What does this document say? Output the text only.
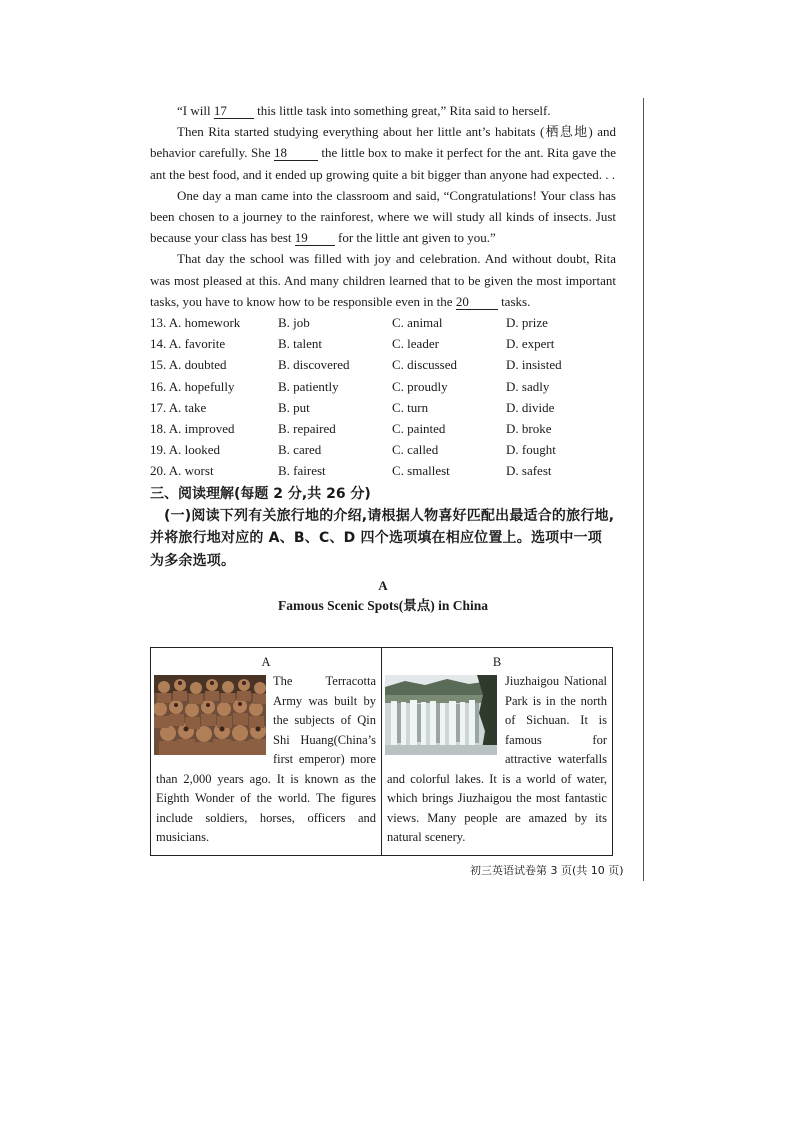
“I will 17 this little task into something great,” Rita said to herself.
Then Rita started studying everything about her little ant’s habitats (栖息地) and behavior carefully. She 18 the little box to make it perfect for the ant. Rita gave the ant the best food, and it ended up growing quite a bit bigger than anyone had expected. . .
One day a man came into the classroom and said, “Congratulations! Your class has been chosen to a journey to the rainforest, where we will study all kinds of insects. Just because your class has best 19 for the little ant given to you.”
That day the school was filled with joy and celebration. And without doubt, Rita was most pleased at this. And many children learned that to be given the most important tasks, you have to know how to be responsible even in the 20 tasks.
13. A. homework	B. job	C. animal	D. prize
14. A. favorite	B. talent	C. leader	D. expert
15. A. doubted	B. discovered	C. discussed	D. insisted
16. A. hopefully	B. patiently	C. proudly	D. sadly
17. A. take	B. put	C. turn	D. divide
18. A. improved	B. repaired	C. painted	D. broke
19. A. looked	B. cared	C. called	D. fought
20. A. worst	B. fairest	C. smallest	D. safest
三、阅读理解(每题 2 分,共 26 分)
(一)阅读下列有关旅行地的介绍,请根据人物喜好匹配出最适合的旅行地,并将旅行地对应的 A、B、C、D 四个选项填在相应位置上。选项中一项为多余选项。
A
Famous Scenic Spots(景点) in China
A
The Terracotta Army was built by the subjects of Qin Shi Huang(China’s first emperor) more than 2,000 years ago. It is known as the Eighth Wonder of the world. The figures include soldiers, horses, officers and musicians.
B
Jiuzhaigou National Park is in the north of Sichuan. It is famous for attractive waterfalls and colorful lakes. It is a world of water, which brings Jiuzhaigou the most fantastic views. Many people are amazed by its natural scenery.
初三英语试卷第 3 页(共 10 页)
